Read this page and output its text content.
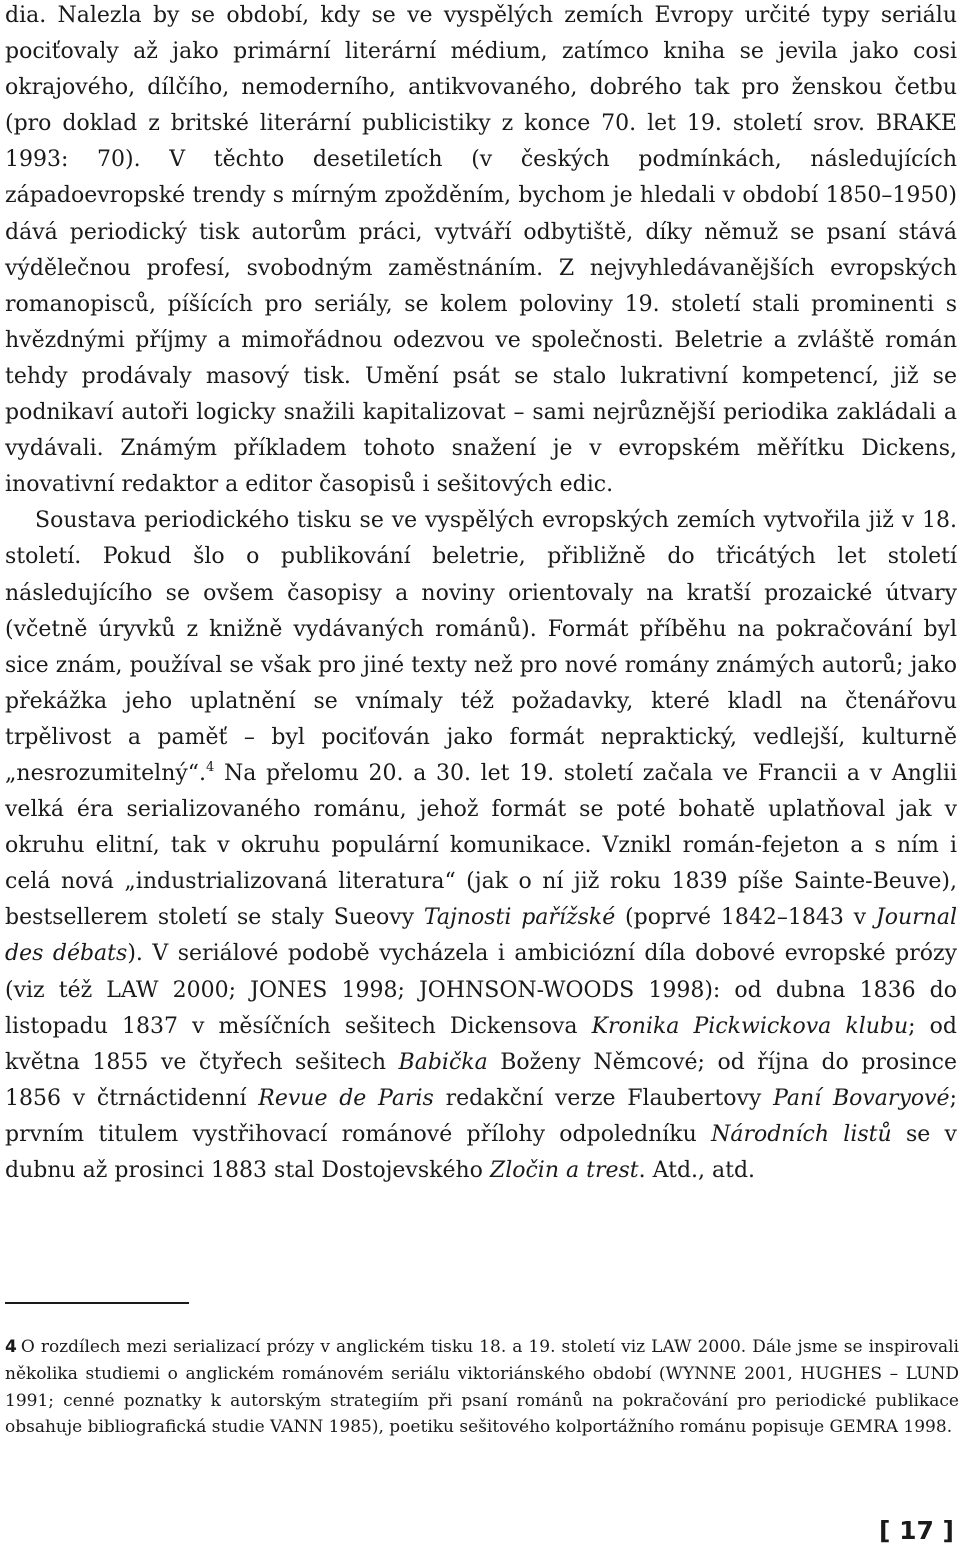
dia. Nalezla by se období, kdy se ve vyspělých zemích Evropy určité typy seriálu pociťovaly až jako primární literární médium, zatímco kniha se jevila jako cosi okrajového, dílčího, nemoderního, antikvovaného, dobrého tak pro ženskou četbu (pro doklad z britské literární publicistiky z konce 70. let 19. století srov. BRAKE 1993: 70). V těchto desetiletích (v českých podmínkách, následujících západoevropské trendy s mírným zpožděním, bychom je hledali v období 1850–1950) dává periodický tisk autorům práci, vytváří odbytiště, díky němuž se psaní stává výdělečnou profesí, svobodným zaměstnáním. Z nejvyhledávanějších evropských romanopisců, píšících pro seriály, se kolem poloviny 19. století stali prominenti s hvězdnými příjmy a mimořádnou odezvou ve společnosti. Beletrie a zvláště román tehdy prodávaly masový tisk. Umění psát se stalo lukrativní kompetencí, již se podnikaví autoři logicky snažili kapitalizovat – sami nejrůznější periodika zakládali a vydávali. Známým příkladem tohoto snažení je v evropském měřítku Dickens, inovativní redaktor a editor časopisů i sešitových edic.

Soustava periodického tisku se ve vyspělých evropských zemích vytvořila již v 18. století. Pokud šlo o publikování beletrie, přibližně do třicátých let století následujícího se ovšem časopisy a noviny orientovaly na kratší prozaické útvary (včetně úryvků z knižně vydávaných románů). Formát příběhu na pokračování byl sice znám, používal se však pro jiné texty než pro nové romány známých autorů; jako překážka jeho uplatnění se vnímaly též požadavky, které kladl na čtenářovu trpělivost a paměť – byl pociťován jako formát nepraktický, vedlejší, kulturně „nesrozumitelný“.$^4$ Na přelomu 20. a 30. let 19. století začala ve Francii a v Anglii velká éra serializovaného románu, jehož formát se poté bohatě uplatňoval jak v okruhu elitní, tak v okruhu populární komunikace. Vznikl román-fejeton a s ním i celá nová „industrializovaná literatura“ (jak o ní již roku 1839 píše Sainte-Beuve), bestsellerem století se staly Sueovy Tajnosti pařížské (poprvé 1842–1843 v Journal des débats). V seriálové podobě vycházela i ambiciózní díla dobové evropské prózy (viz též LAW 2000; JONES 1998; JOHNSON-WOODS 1998): od dubna 1836 do listopadu 1837 v měsíčních sešitech Dickensova Kronika Pickwickova klubu; od května 1855 ve čtyřech sešitech Babička Boženy Němcové; od října do prosince 1856 v čtrnáctidenní Revue de Paris redakční verze Flaubertovy Paní Bovaryové; prvním titulem vystřihovací románové přílohy odpoledníku Národních listů se v dubnu až prosinci 1883 stal Dostojevského Zločin a trest. Atd., atd.

4 O rozdílech mezi serializací prózy v anglickém tisku 18. a 19. století viz LAW 2000. Dále jsme se inspirovali několika studiemi o anglickém románovém seriálu viktoriánského období (WYNNE 2001, HUGHES – LUND 1991; cenné poznatky k autorským strategiím při psaní románů na pokračování pro periodické publikace obsahuje bibliografická studie VANN 1985), poetiku sešitového kolportážního románu popisuje GEMRA 1998.

[ 17 ]
